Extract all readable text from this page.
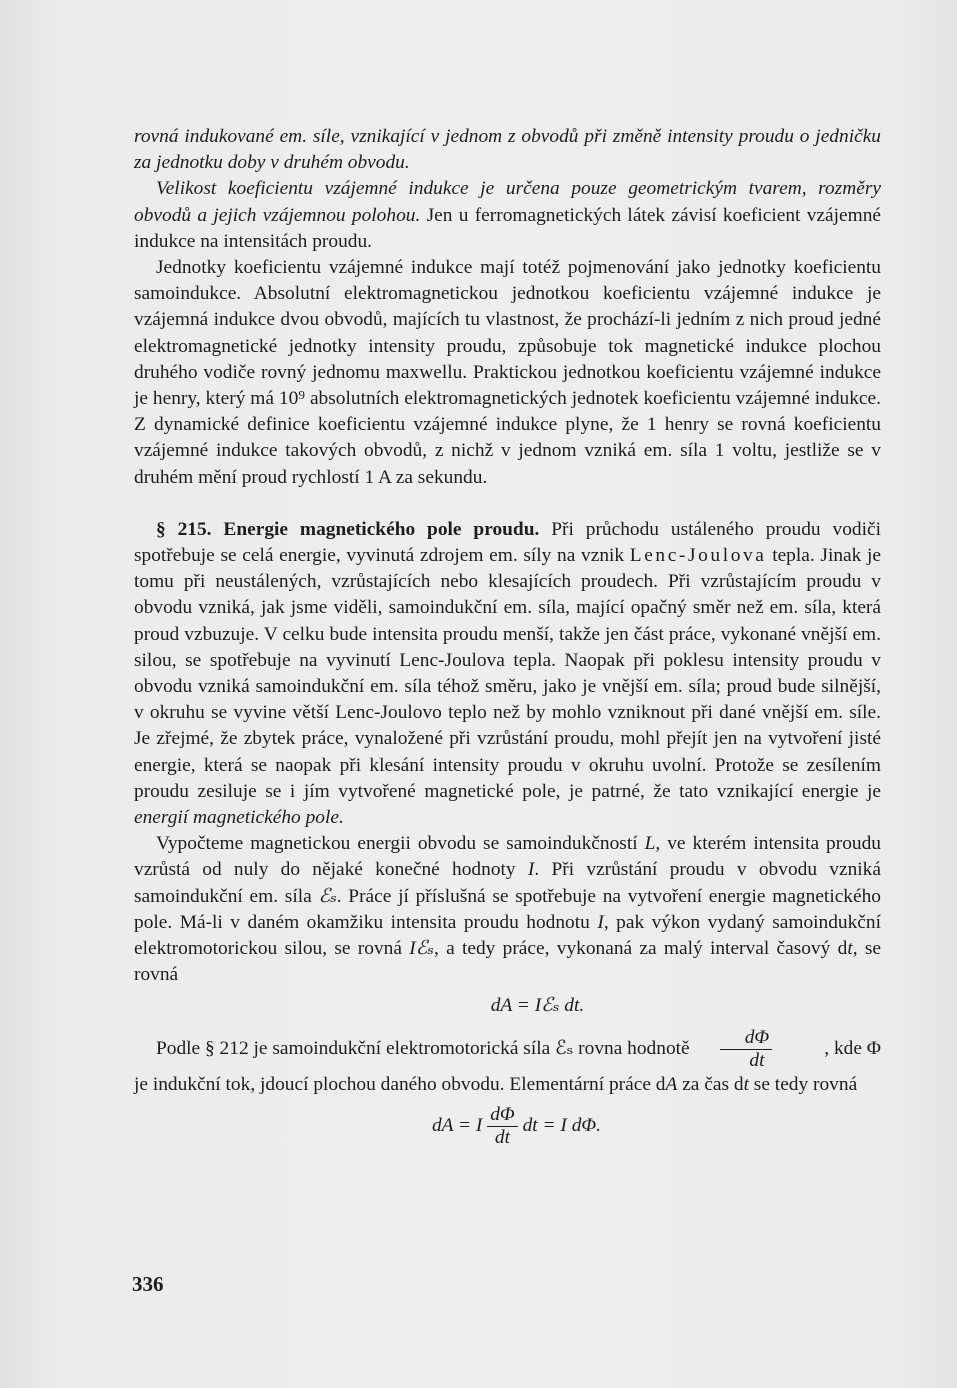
rovná indukované em. síle, vznikající v jednom z obvodů při změně intensity proudu o jedničku za jednotku doby v druhém obvodu.

Velikost koeficientu vzájemné indukce je určena pouze geometrickým tvarem, rozměry obvodů a jejich vzájemnou polohou. Jen u ferromagnetických látek závisí koeficient vzájemné indukce na intensitách proudu.

Jednotky koeficientu vzájemné indukce mají totéž pojmenování jako jednotky koeficientu samoindukce. Absolutní elektromagnetickou jednotkou koeficientu vzájemné indukce je vzájemná indukce dvou obvodů, majících tu vlastnost, že prochází-li jedním z nich proud jedné elektromagnetické jednotky intensity proudu, způsobuje tok magnetické indukce plochou druhého vodiče rovný jednomu maxwellu. Praktickou jednotkou koeficientu vzájemné indukce je henry, který má 10⁹ absolutních elektromagnetických jednotek koeficientu vzájemné indukce. Z dynamické definice koeficientu vzájemné indukce plyne, že 1 henry se rovná koeficientu vzájemné indukce takových obvodů, z nichž v jednom vzniká em. síla 1 voltu, jestliže se v druhém mění proud rychlostí 1 A za sekundu.

§ 215. Energie magnetického pole proudu. Při průchodu ustáleného proudu vodiči spotřebuje se celá energie, vyvinutá zdrojem em. síly na vznik Lenc-Joulova tepla. Jinak je tomu při neustálených, vzrůstajících nebo klesajících proudech. Při vzrůstajícím proudu v obvodu vzniká, jak jsme viděli, samoindukční em. síla, mající opačný směr než em. síla, která proud vzbuzuje. V celku bude intensita proudu menší, takže jen část práce, vykonané vnější em. silou, se spotřebuje na vyvinutí Lenc-Joulova tepla. Naopak při poklesu intensity proudu v obvodu vzniká samoindukční em. síla téhož směru, jako je vnější em. síla; proud bude silnější, v okruhu se vyvine větší Lenc-Joulovo teplo než by mohlo vzniknout při dané vnější em. síle. Je zřejmé, že zbytek práce, vynaložené při vzrůstání proudu, mohl přejít jen na vytvoření jisté energie, která se naopak při klesání intensity proudu v okruhu uvolní. Protože se zesílením proudu zesiluje se i jím vytvořené magnetické pole, je patrné, že tato vznikající energie je energií magnetického pole.

Vypočteme magnetickou energii obvodu se samoindukčností L, ve kterém intensita proudu vzrůstá od nuly do nějaké konečné hodnoty I. Při vzrůstání proudu v obvodu vzniká samoindukční em. síla ℰₛ. Práce jí příslušná se spotřebuje na vytvoření energie magnetického pole. Má-li v daném okamžiku intensita proudu hodnotu I, pak výkon vydaný samoindukční elektromotorickou silou, se rovná Iℰₛ, a tedy práce, vykonaná za malý interval časový dt, se rovná

dA = Iℰₛ dt.

Podle § 212 je samoindukční elektromotorická síla ℰₛ rovna hodnotě $\frac{d\Phi}{dt}$	, kde Φ

je indukční tok, jdoucí plochou daného obvodu. Elementární práce dA za čas dt se tedy rovná

dA = I $\frac{d\Phi}{dt}$ dt = I dΦ.
336
